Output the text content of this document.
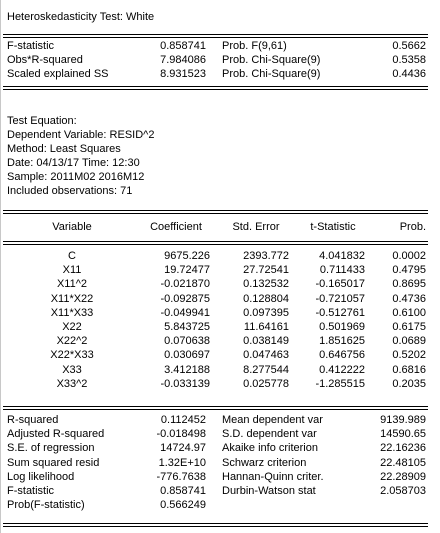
Heteroskedasticity Test: White
F-statistic	0.858741 Prob. F(9,61)	0.5662
Obs*R-squared	7.984086 Prob. Chi-Square(9)	0.5358
Scaled explained SS	8.931523 Prob. Chi-Square(9)	0.4436
Test Equation:
Dependent Variable: RESID^2
Method: Least Squares
Date: 04/13/17 Time: 12:30
Sample: 2011M02 2016M12
Included observations: 71
Variable	Coefficient	Std. Error	t-Statistic	Prob.
C	9675.226	2393.772	4.041832	0.0002
X11	19.72477	27.72541	0.711433	0.4795
X11^2	-0.021870	0.132532	-0.165017	0.8695
X11*X22	-0.092875	0.128804	-0.721057	0.4736
X11*X33	-0.049941	0.097395	-0.512761	0.6100
X22	5.843725	11.64161	0.501969	0.6175
X22^2	0.070638	0.038149	1.851625	0.0689
X22*X33	0.030697	0.047463	0.646756	0.5202
X33	3.412188	8.277544	0.412222	0.6816
X33^2	-0.033139	0.025778	-1.285515	0.2035
R-squared	0.112452 Mean dependent var	9139.989
Adjusted R-squared	-0.018498 S.D. dependent var	14590.65
S.E. of regression	14724.97 Akaike info criterion	22.16236
Sum squared resid	1.32E+10 Schwarz criterion	22.48105
Log likelihood	-776.7638 Hannan-Quinn criter.	22.28909
F-statistic	0.858741 Durbin-Watson stat	2.058703
Prob(F-statistic)	0.566249
